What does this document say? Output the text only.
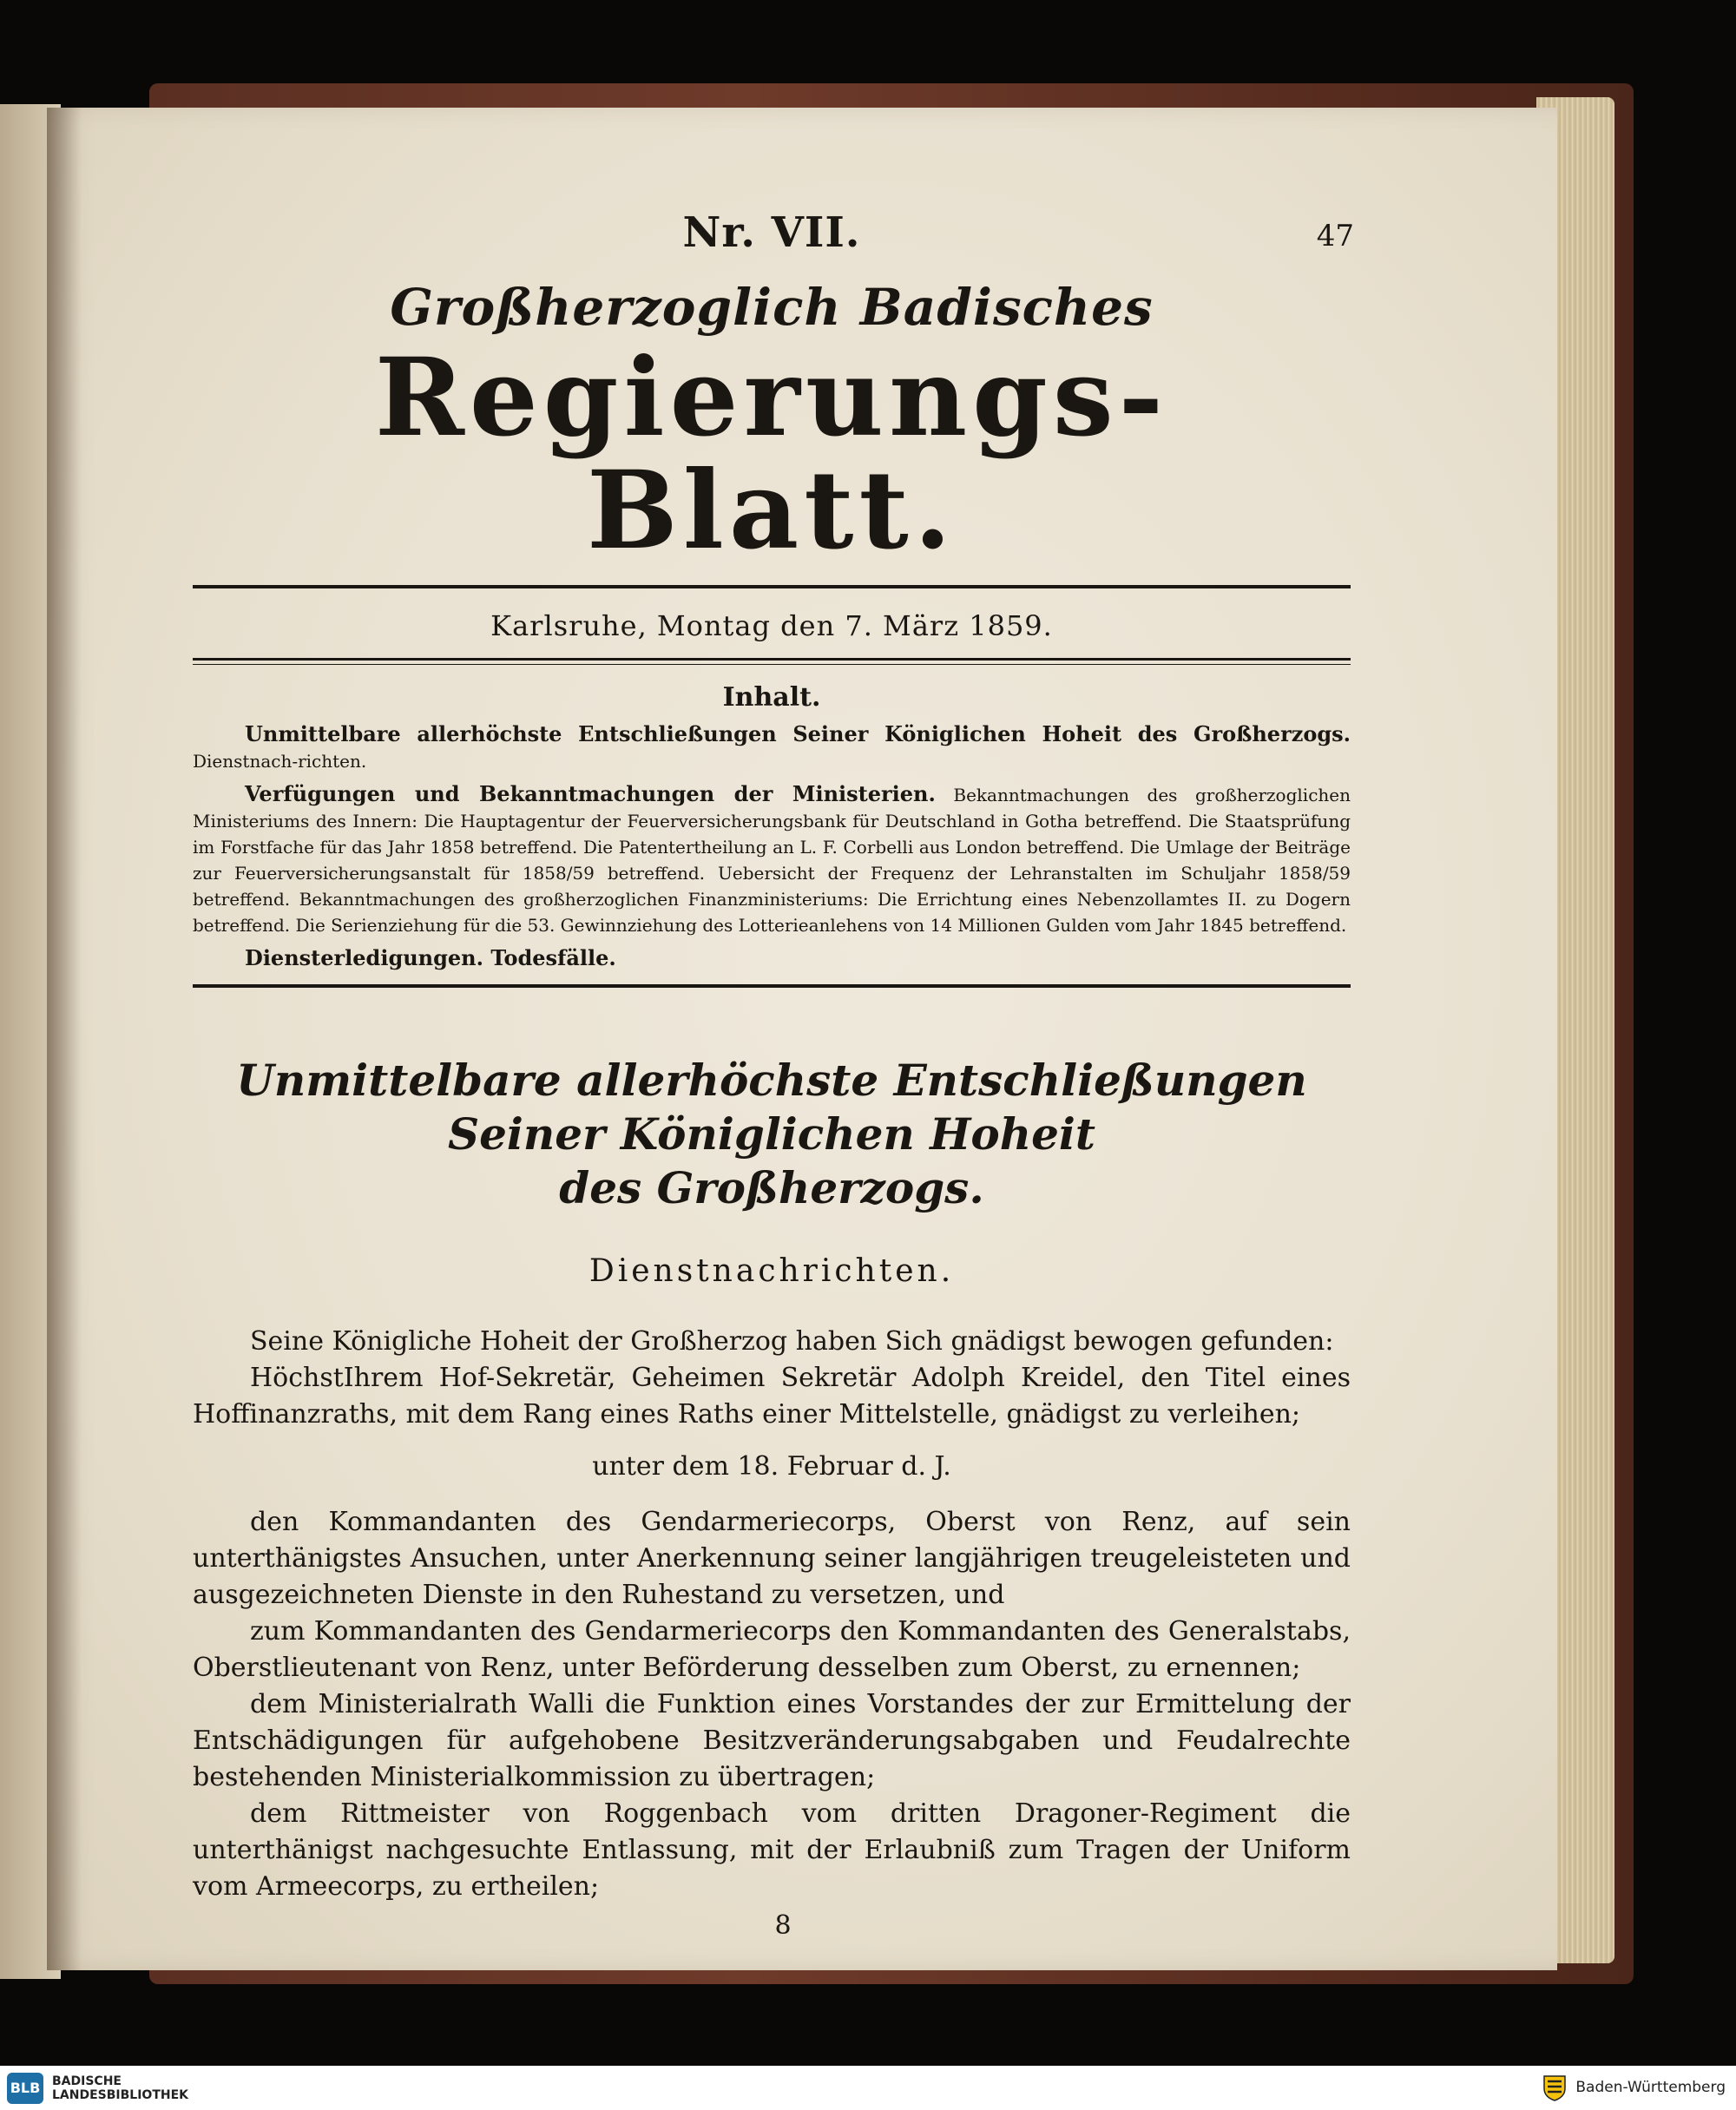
Nr. VII.	47
Großherzoglich Badisches
Regierungs-Blatt.
Karlsruhe, Montag den 7. März 1859.
Inhalt.

Unmittelbare allerhöchste Entschließungen Seiner Königlichen Hoheit des Großherzogs. Dienstnach-richten.

Verfügungen und Bekanntmachungen der Ministerien. Bekanntmachungen des großherzoglichen Ministeriums des Innern: Die Hauptagentur der Feuerversicherungsbank für Deutschland in Gotha betreffend. Die Staatsprüfung im Forstfache für das Jahr 1858 betreffend. Die Patentertheilung an L. F. Corbelli aus London betreffend. Die Umlage der Beiträge zur Feuerversicherungsanstalt für 1858/59 betreffend. Uebersicht der Frequenz der Lehranstalten im Schuljahr 1858/59 betreffend. Bekanntmachungen des großherzoglichen Finanzministeriums: Die Errichtung eines Nebenzollamtes II. zu Dogern betreffend. Die Serienziehung für die 53. Gewinnziehung des Lotterieanlehens von 14 Millionen Gulden vom Jahr 1845 betreffend.

Diensterledigungen. Todesfälle.

Unmittelbare allerhöchste Entschließungen Seiner Königlichen Hoheit
des Großherzogs.
Dienstnachrichten.

Seine Königliche Hoheit der Großherzog haben Sich gnädigst bewogen gefunden:

HöchstIhrem Hof-Sekretär, Geheimen Sekretär Adolph Kreidel, den Titel eines Hoffinanzraths, mit dem Rang eines Raths einer Mittelstelle, gnädigst zu verleihen;

unter dem 18. Februar d. J.

den Kommandanten des Gendarmeriecorps, Oberst von Renz, auf sein unterthänigstes Ansuchen, unter Anerkennung seiner langjährigen treugeleisteten und ausgezeichneten Dienste in den Ruhestand zu versetzen, und

zum Kommandanten des Gendarmeriecorps den Kommandanten des Generalstabs, Oberstlieutenant von Renz, unter Beförderung desselben zum Oberst, zu ernennen;

dem Ministerialrath Walli die Funktion eines Vorstandes der zur Ermittelung der Entschädigungen für aufgehobene Besitzveränderungsabgaben und Feudalrechte bestehenden Ministerialkommission zu übertragen;

dem Rittmeister von Roggenbach vom dritten Dragoner-Regiment die unterthänigst nachgesuchte Entlassung, mit der Erlaubniß zum Tragen der Uniform vom Armeecorps, zu ertheilen;

8
BLB BADISCHE
LANDESBIBLIOTHEK	Baden-Württemberg
